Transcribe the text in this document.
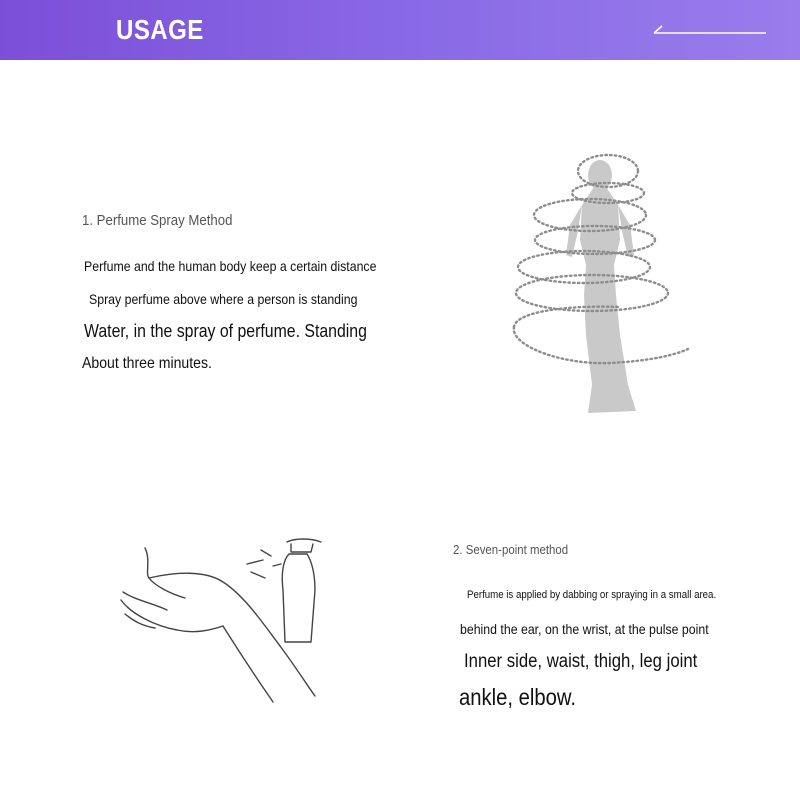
USAGE
1. Perfume Spray Method
Perfume and the human body keep a certain distance
Spray perfume above where a person is standing
Water, in the spray of perfume. Standing
About three minutes.
2. Seven-point method
Perfume is applied by dabbing or spraying in a small area.
behind the ear, on the wrist, at the pulse point
Inner side, waist, thigh, leg joint
ankle, elbow.
